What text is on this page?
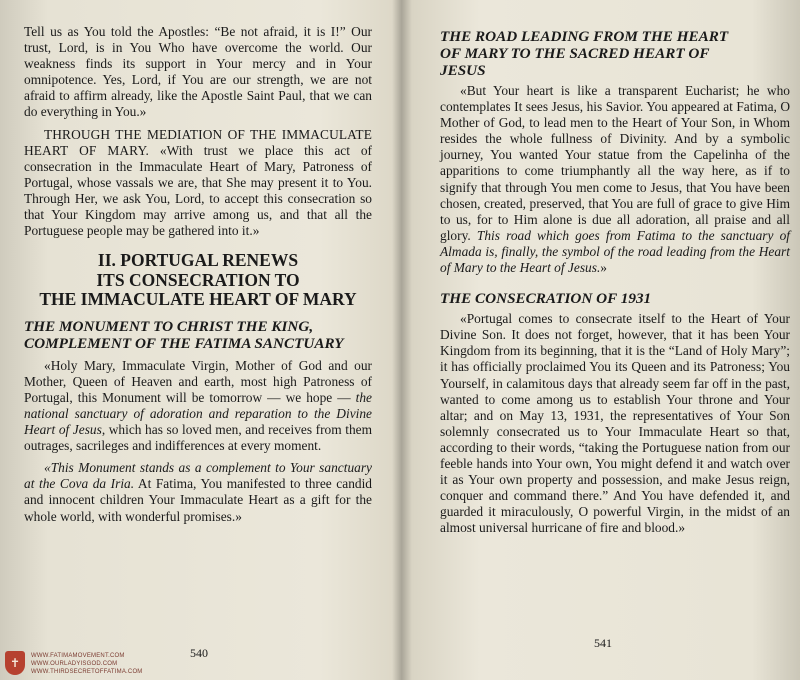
Tell us as You told the Apostles: “Be not afraid, it is I!” Our trust, Lord, is in You Who have overcome the world. Our weakness finds its support in Your mercy and in Your omnipotence. Yes, Lord, if You are our strength, we are not afraid to affirm already, like the Apostle Saint Paul, that we can do everything in You.»

THROUGH THE MEDIATION OF THE IMMACULATE HEART OF MARY. «With trust we place this act of consecration in the Immaculate Heart of Mary, Patroness of Portugal, whose vassals we are, that She may present it to You. Through Her, we ask You, Lord, to accept this consecration so that Your Kingdom may arrive among us, and that all the Portuguese people may be gathered into it.»

II. PORTUGAL RENEWS
ITS CONSECRATION TO
THE IMMACULATE HEART OF MARY
THE MONUMENT TO CHRIST THE KING,
COMPLEMENT OF THE FATIMA SANCTUARY

«Holy Mary, Immaculate Virgin, Mother of God and our Mother, Queen of Heaven and earth, most high Patroness of Portugal, this Monument will be tomorrow — we hope — the national sanctuary of adoration and reparation to the Divine Heart of Jesus, which has so loved men, and receives from them outrages, sacrileges and indifferences at every moment.

«This Monument stands as a complement to Your sanctuary at the Cova da Iria. At Fatima, You manifested to three candid and innocent children Your Immaculate Heart as a gift for the whole world, with wonderful promises.»

540
THE ROAD LEADING FROM THE HEART
OF MARY TO THE SACRED HEART OF
JESUS

«But Your heart is like a transparent Eucharist; he who contemplates It sees Jesus, his Savior. You appeared at Fatima, O Mother of God, to lead men to the Heart of Your Son, in Whom resides the whole fullness of Divinity. And by a symbolic journey, You wanted Your statue from the Capelinha of the apparitions to come triumphantly all the way here, as if to signify that through You men come to Jesus, that You have been chosen, created, preserved, that You are full of grace to give Him to us, for to Him alone is due all adoration, all praise and all glory. This road which goes from Fatima to the sanctuary of Almada is, finally, the symbol of the road leading from the Heart of Mary to the Heart of Jesus.»

THE CONSECRATION OF 1931

«Portugal comes to consecrate itself to the Heart of Your Divine Son. It does not forget, however, that it has been Your Kingdom from its beginning, that it is the “Land of Holy Mary”; it has officially proclaimed You its Queen and its Patroness; You Yourself, in calamitous days that already seem far off in the past, wanted to come among us to establish Your throne and Your altar; and on May 13, 1931, the representatives of Your Son solemnly consecrated us to Your Immaculate Heart so that, according to their words, “taking the Portuguese nation from our feeble hands into Your own, You might defend it and watch over it as Your own property and possession, and make Jesus reign, conquer and command there.” And You have defended it, and guarded it miraculously, O powerful Virgin, in the midst of an almost universal hurricane of fire and blood.»

541
✝	WWW.FATIMAMOVEMENT.COM
WWW.OURLADYISGOD.COM
WWW.THIRDSECRETOFFATIMA.COM
